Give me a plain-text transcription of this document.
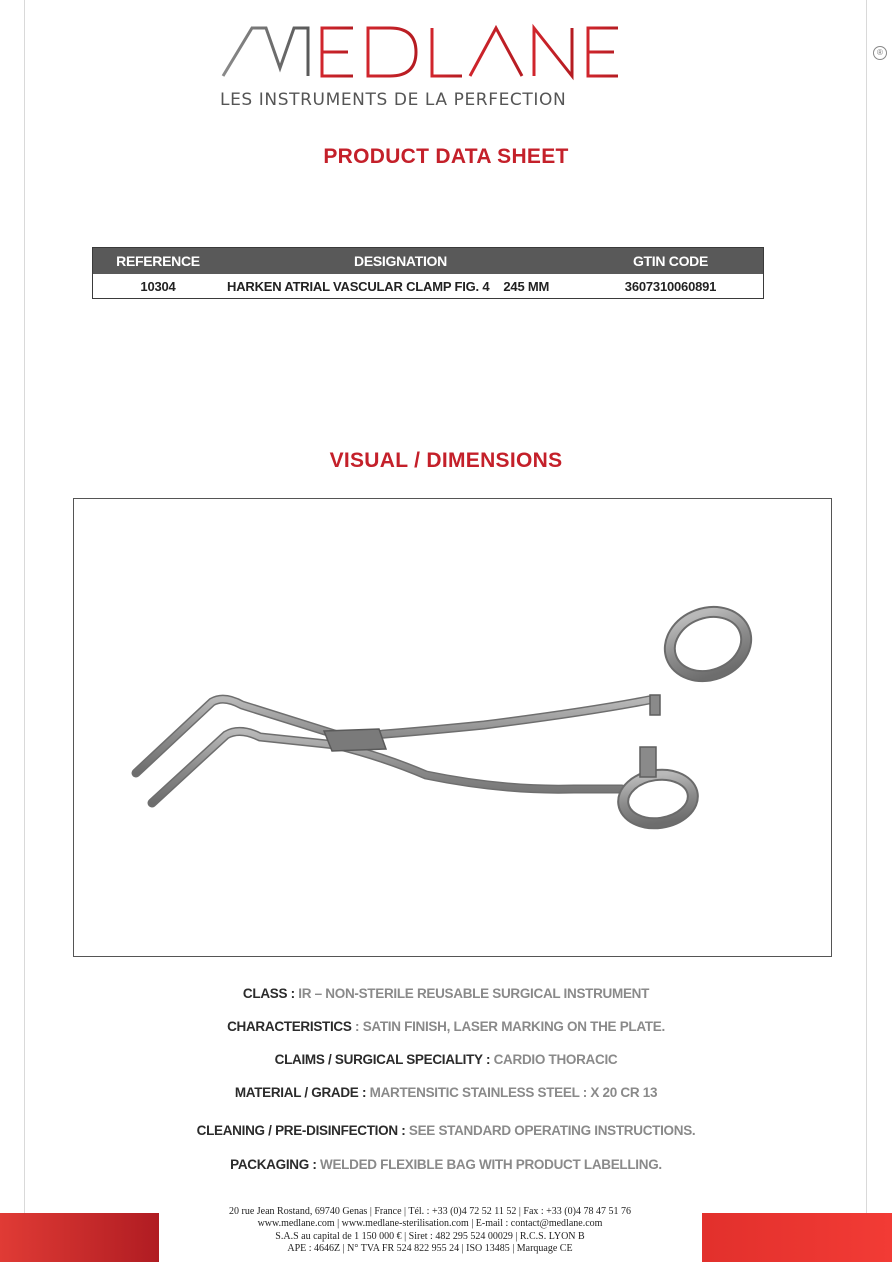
®
LES INSTRUMENTS DE LA PERFECTION
PRODUCT DATA SHEET
REFERENCE	DESIGNATION	GTIN CODE
10304	HARKEN ATRIAL VASCULAR CLAMP FIG. 4 245 MM	3607310060891
VISUAL / DIMENSIONS
CLASS : IR – NON-STERILE REUSABLE SURGICAL INSTRUMENT
CHARACTERISTICS : SATIN FINISH, LASER MARKING ON THE PLATE.
CLAIMS / SURGICAL SPECIALITY : CARDIO THORACIC
MATERIAL / GRADE : MARTENSITIC STAINLESS STEEL : X 20 CR 13
CLEANING / PRE-DISINFECTION : SEE STANDARD OPERATING INSTRUCTIONS.
PACKAGING : WELDED FLEXIBLE BAG WITH PRODUCT LABELLING.
20 rue Jean Rostand, 69740 Genas | France | Tél. : +33 (0)4 72 52 11 52 | Fax : +33 (0)4 78 47 51 76
www.medlane.com | www.medlane-sterilisation.com | E-mail : contact@medlane.com
S.A.S au capital de 1 150 000 € | Siret : 482 295 524 00029 | R.C.S. LYON B
APE : 4646Z | N° TVA FR 524 822 955 24 | ISO 13485 | Marquage CE
